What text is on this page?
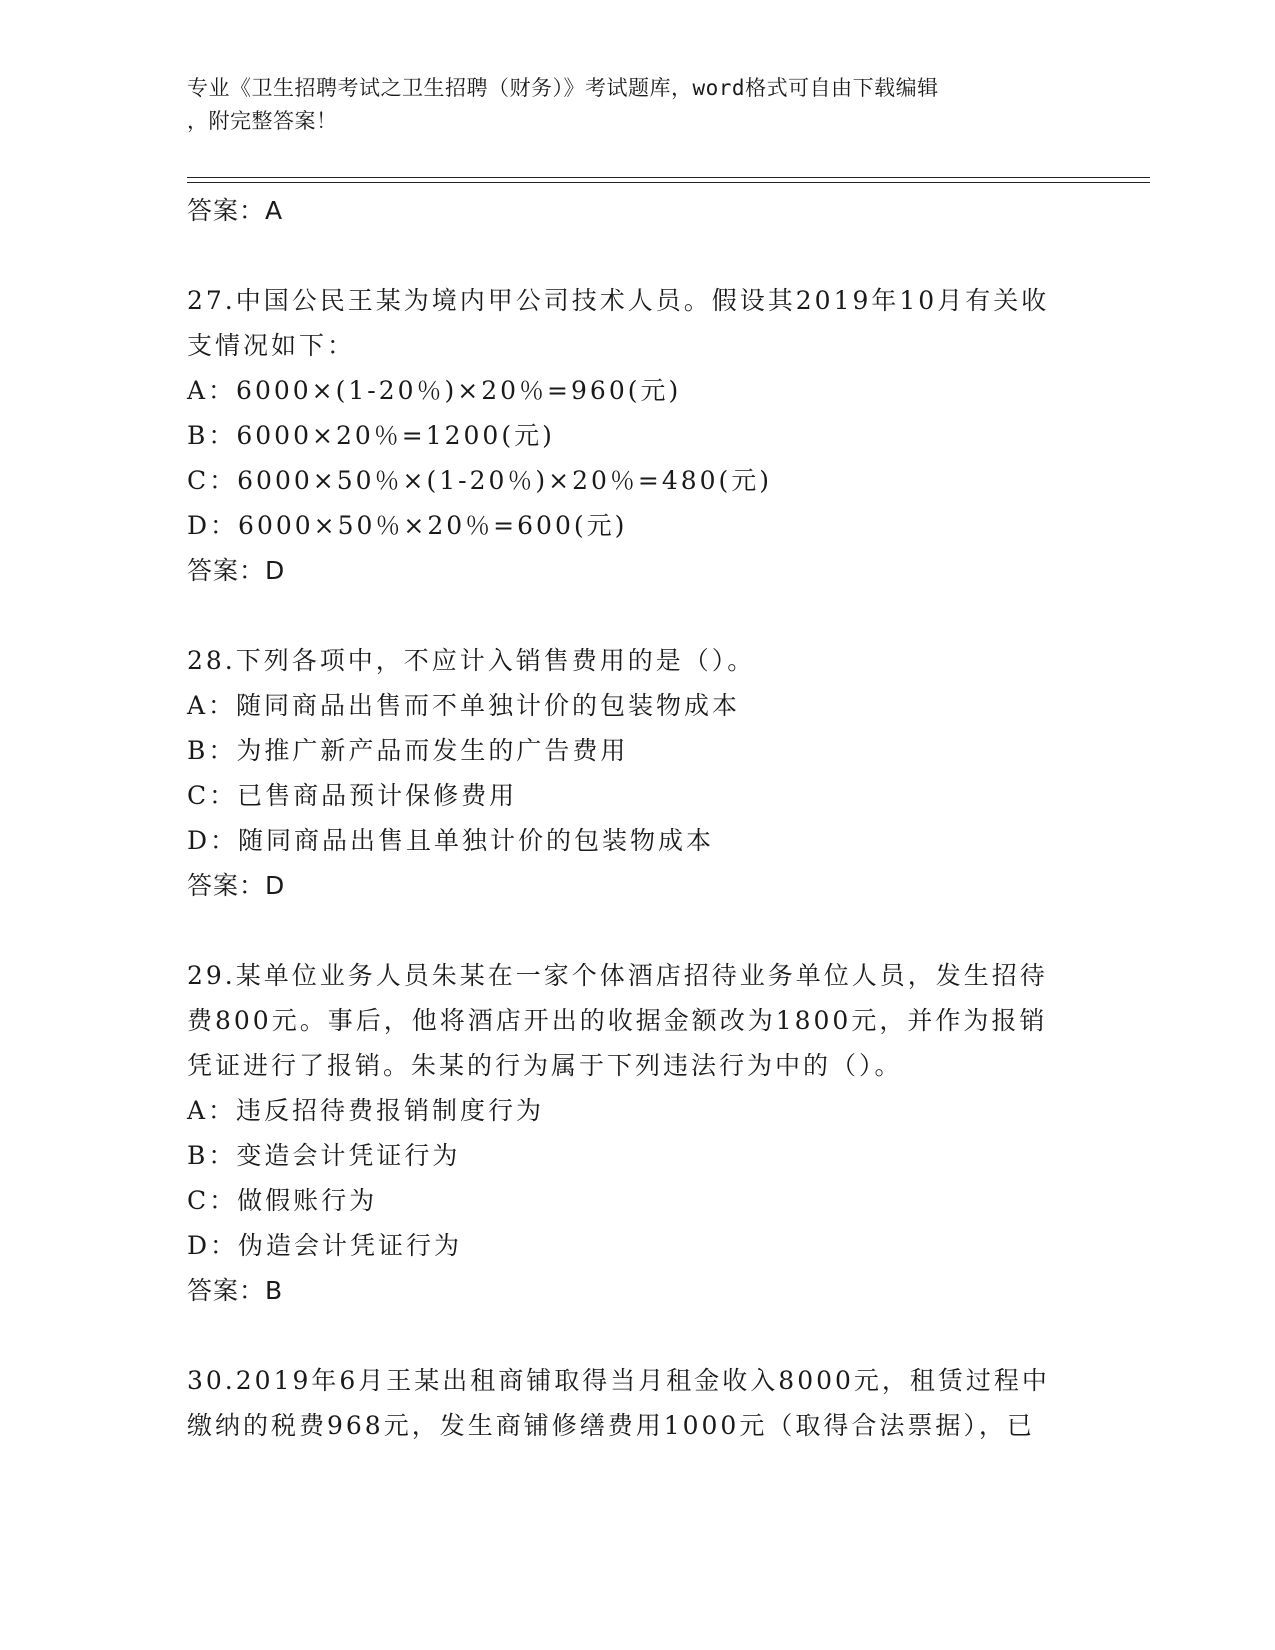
专业《卫生招聘考试之卫生招聘（财务）》考试题库，word格式可自由下载编辑
，附完整答案！
答案：A
27.中国公民王某为境内甲公司技术人员。假设其2019年10月有关收
支情况如下：
A：6000×(1-20％)×20％=960(元)
B：6000×20％=1200(元)
C：6000×50％×(1-20％)×20％=480(元)
D：6000×50％×20％=600(元)
答案：D
28.下列各项中，不应计入销售费用的是（）。
A：随同商品出售而不单独计价的包装物成本
B：为推广新产品而发生的广告费用
C：已售商品预计保修费用
D：随同商品出售且单独计价的包装物成本
答案：D
29.某单位业务人员朱某在一家个体酒店招待业务单位人员，发生招待
费800元。事后，他将酒店开出的收据金额改为1800元，并作为报销
凭证进行了报销。朱某的行为属于下列违法行为中的（）。
A：违反招待费报销制度行为
B：变造会计凭证行为
C：做假账行为
D：伪造会计凭证行为
答案：B
30.2019年6月王某出租商铺取得当月租金收入8000元，租赁过程中
缴纳的税费968元，发生商铺修缮费用1000元（取得合法票据），已
